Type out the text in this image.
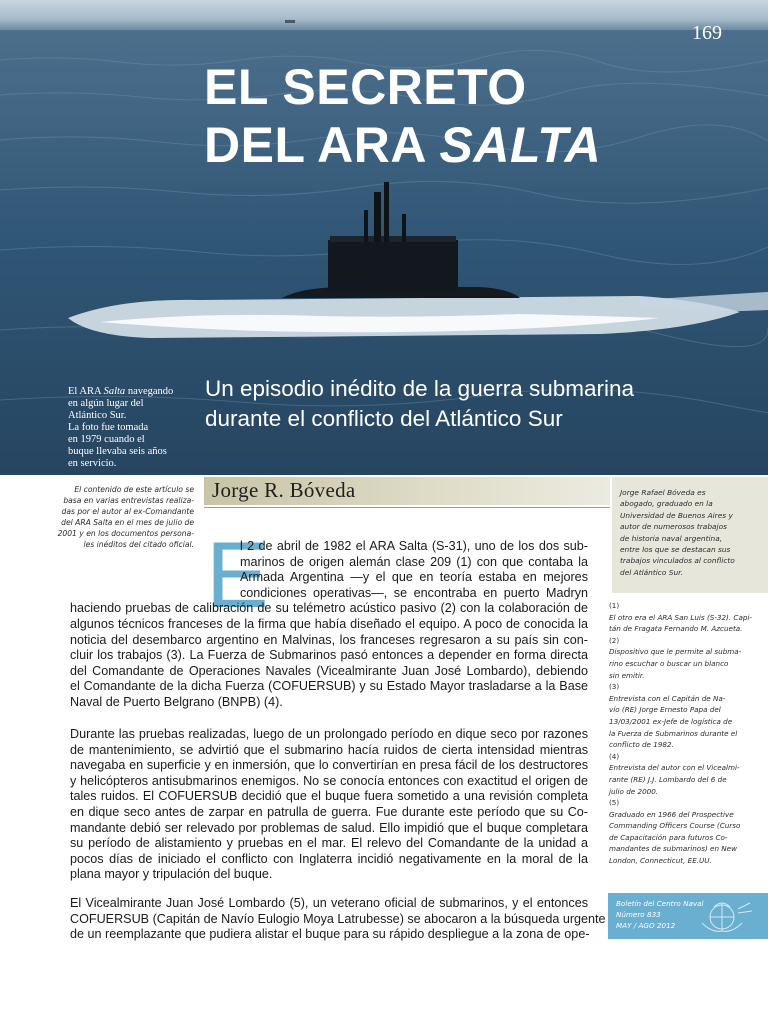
169
EL SECRETO
DEL ARA SALTA
El ARA Salta navegando
en algún lugar del
Atlántico Sur.
La foto fue tomada
en 1979 cuando el
buque llevaba seis años
en servicio.
Un episodio inédito de la guerra submarina
durante el conflicto del Atlántico Sur
El contenido de este artículo se
basa en varias entrevistas realiza-
das por el autor al ex-Comandante
del ARA Salta en el mes de julio de
2001 y en los documentos persona-
les inéditos del citado oficial.
Jorge R. Bóveda	Jorge Rafael Bóveda es
abogado, graduado en la
Universidad de Buenos Aires y
autor de numerosos trabajos
de historia naval argentina,
entre los que se destacan sus
trabajos vinculados al conflicto
del Atlántico Sur.
(1)
El otro era el ARA San Luis (S-32). Capi-
tán de Fragata Fernando M. Azcueta.
(2)
Dispositivo que le permite al subma-
rino escuchar o buscar un blanco
sin emitir.
(3)
Entrevista con el Capitán de Na-
vío (RE) Jorge Ernesto Papa del
13/03/2001 ex-Jefe de logística de
la Fuerza de Submarinos durante el
conflicto de 1982.
(4)
Entrevista del autor con el Vicealmi-
rante (RE) J.J. Lombardo del 6 de
julio de 2000.
(5)
Graduado en 1966 del Prospective
Commanding Officers Course (Curso
de Capacitación para futuros Co-
mandantes de submarinos) en New
London, Connecticut, EE.UU.
Boletín del Centro Naval
Número 833
MAY / AGO 2012
E
l 2 de abril de 1982 el ARA Salta (S-31), uno de los dos sub-
marinos de origen alemán clase 209 (1) con que contaba la
Armada Argentina —y el que en teoría estaba en mejores
condiciones operativas—, se encontraba en puerto Madryn
haciendo pruebas de calibración de su telémetro acústico pasivo (2) con la colaboración de
algunos técnicos franceses de la firma que había diseñado el equipo. A poco de conocida la
noticia del desembarco argentino en Malvinas, los franceses regresaron a su país sin con-
cluir los trabajos (3). La Fuerza de Submarinos pasó entonces a depender en forma directa
del Comandante de Operaciones Navales (Vicealmirante Juan José Lombardo), debiendo
el Comandante de la dicha Fuerza (COFUERSUB) y su Estado Mayor trasladarse a la Base
Naval de Puerto Belgrano (BNPB) (4).
Durante las pruebas realizadas, luego de un prolongado período en dique seco por razones
de mantenimiento, se advirtió que el submarino hacía ruidos de cierta intensidad mientras
navegaba en superficie y en inmersión, que lo convertirían en presa fácil de los destructores
y helicópteros antisubmarinos enemigos. No se conocía entonces con exactitud el origen de
tales ruidos. El COFUERSUB decidió que el buque fuera sometido a una revisión completa
en dique seco antes de zarpar en patrulla de guerra. Fue durante este período que su Co-
mandante debió ser relevado por problemas de salud. Ello impidió que el buque completara
su período de alistamiento y pruebas en el mar. El relevo del Comandante de la unidad a
pocos días de iniciado el conflicto con Inglaterra incidió negativamente en la moral de la
plana mayor y tripulación del buque.
El Vicealmirante Juan José Lombardo (5), un veterano oficial de submarinos, y el entonces
COFUERSUB (Capitán de Navío Eulogio Moya Latrubesse) se abocaron a la búsqueda urgente
de un reemplazante que pudiera alistar el buque para su rápido despliegue a la zona de ope-
